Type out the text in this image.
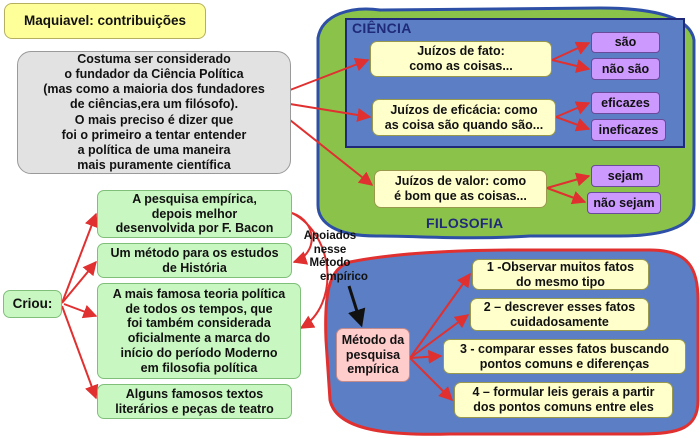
Maquiavel: contribuições
Costuma ser considerado
o fundador da Ciência Política
(mas como a maioria dos fundadores
de ciências,era um filósofo).
O mais preciso é dizer que
foi o primeiro a tentar entender
a política de uma maneira
mais puramente científica
CIÊNCIA
FILOSOFIA
Juízos de fato:
como as coisas...
Juízos de eficácia: como
as coisa são quando são...
Juízos de valor: como
é bom que as coisas...
são
não são
eficazes
ineficazes
sejam
não sejam
Criou:
A pesquisa empírica,
depois melhor
desenvolvida por F. Bacon
Um método para os estudos
de História
A mais famosa teoria política
de todos os tempos, que
foi também considerada
oficialmente a marca do
início do período Moderno
em filosofia política
Alguns famosos textos
literários e peças de teatro
Apoiados
nesse
Método
empírico
Método da
pesquisa
empírica
1 -Observar muitos fatos
do mesmo tipo
2 – descrever esses fatos
cuidadosamente
3 - comparar esses fatos buscando
pontos comuns e diferenças
4 – formular leis gerais a partir
dos pontos comuns entre eles
